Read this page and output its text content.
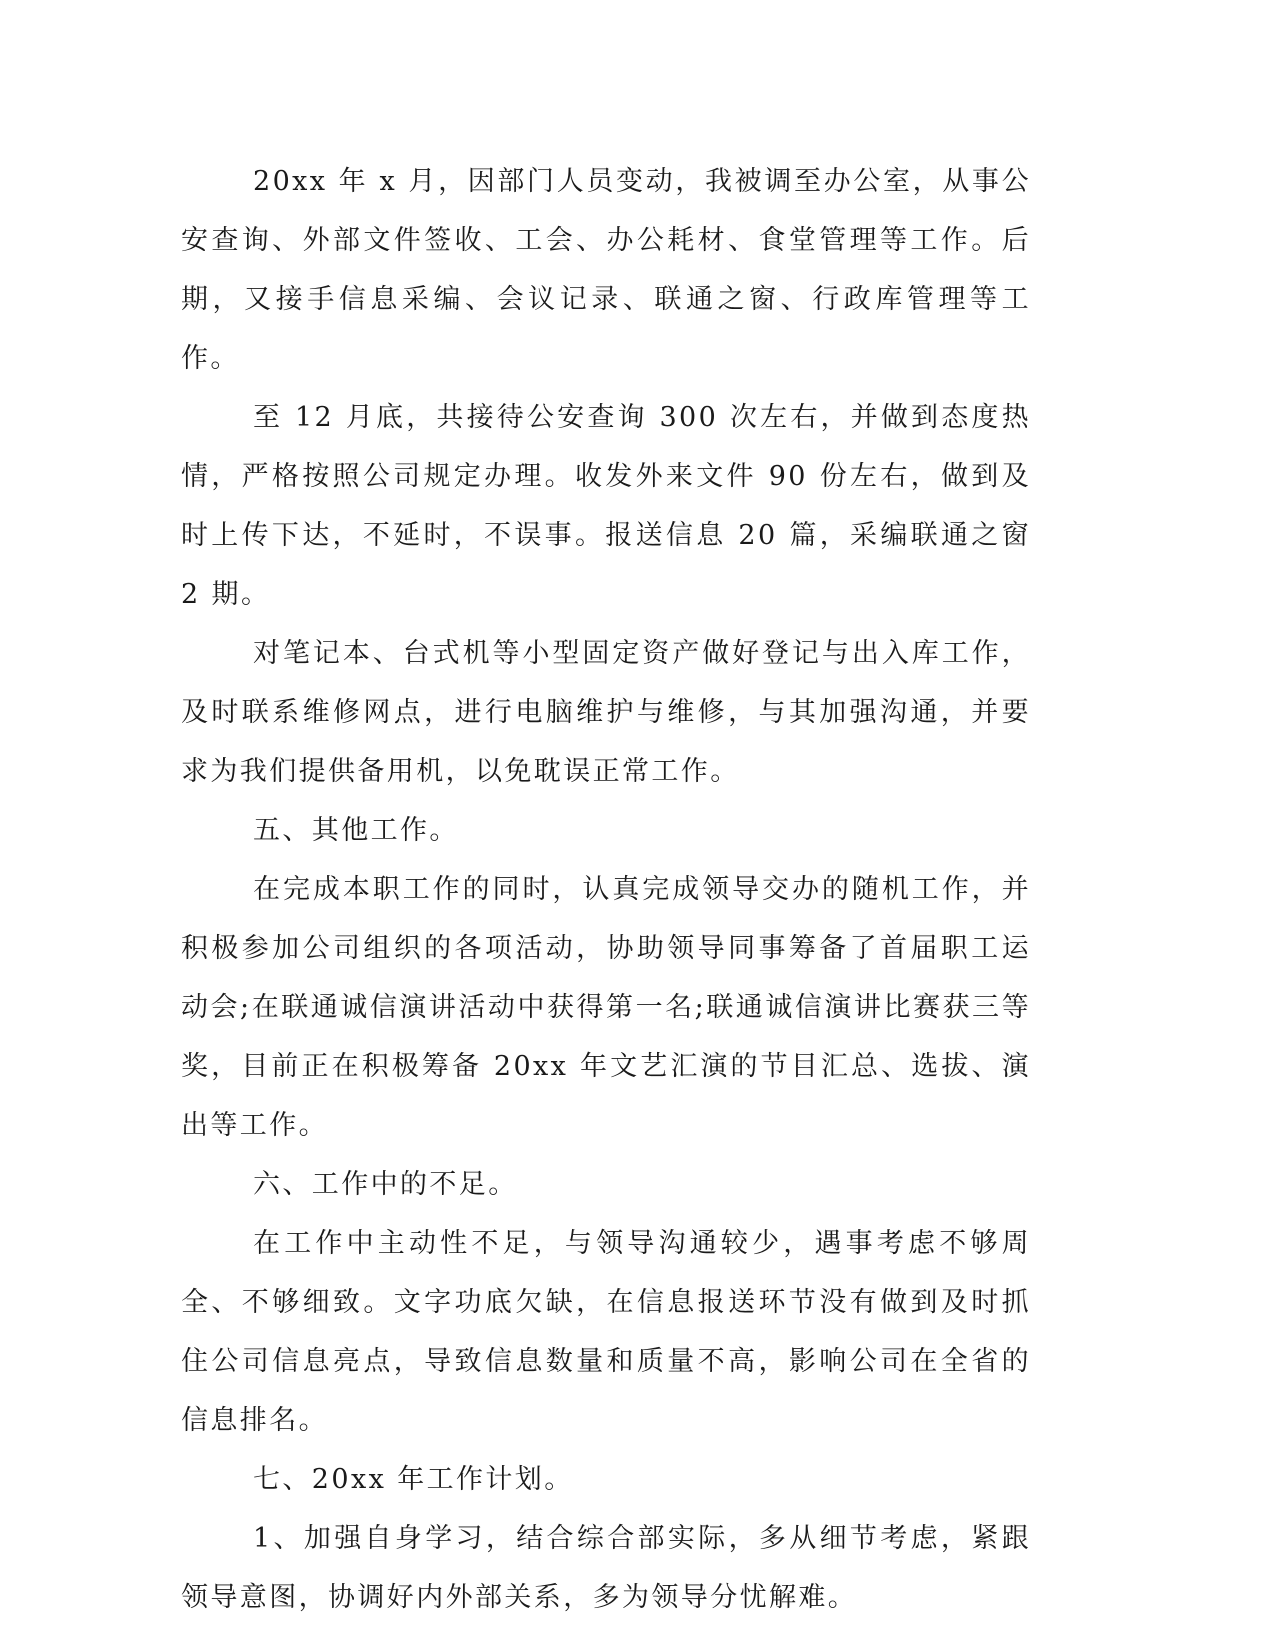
20xx 年 x 月，因部门人员变动，我被调至办公室，从事公安查询、外部文件签收、工会、办公耗材、食堂管理等工作。后期，又接手信息采编、会议记录、联通之窗、行政库管理等工作。

至 12 月底，共接待公安查询 300 次左右，并做到态度热情，严格按照公司规定办理。收发外来文件 90 份左右，做到及时上传下达，不延时，不误事。报送信息 20 篇，采编联通之窗 2 期。

对笔记本、台式机等小型固定资产做好登记与出入库工作，及时联系维修网点，进行电脑维护与维修，与其加强沟通，并要求为我们提供备用机，以免耽误正常工作。

五、其他工作。

在完成本职工作的同时，认真完成领导交办的随机工作，并积极参加公司组织的各项活动，协助领导同事筹备了首届职工运动会;在联通诚信演讲活动中获得第一名;联通诚信演讲比赛获三等奖，目前正在积极筹备 20xx 年文艺汇演的节目汇总、选拔、演出等工作。

六、工作中的不足。

在工作中主动性不足，与领导沟通较少，遇事考虑不够周全、不够细致。文字功底欠缺，在信息报送环节没有做到及时抓住公司信息亮点，导致信息数量和质量不高，影响公司在全省的信息排名。

七、20xx 年工作计划。

1、加强自身学习，结合综合部实际，多从细节考虑，紧跟领导意图，协调好内外部关系，多为领导分忧解难。
